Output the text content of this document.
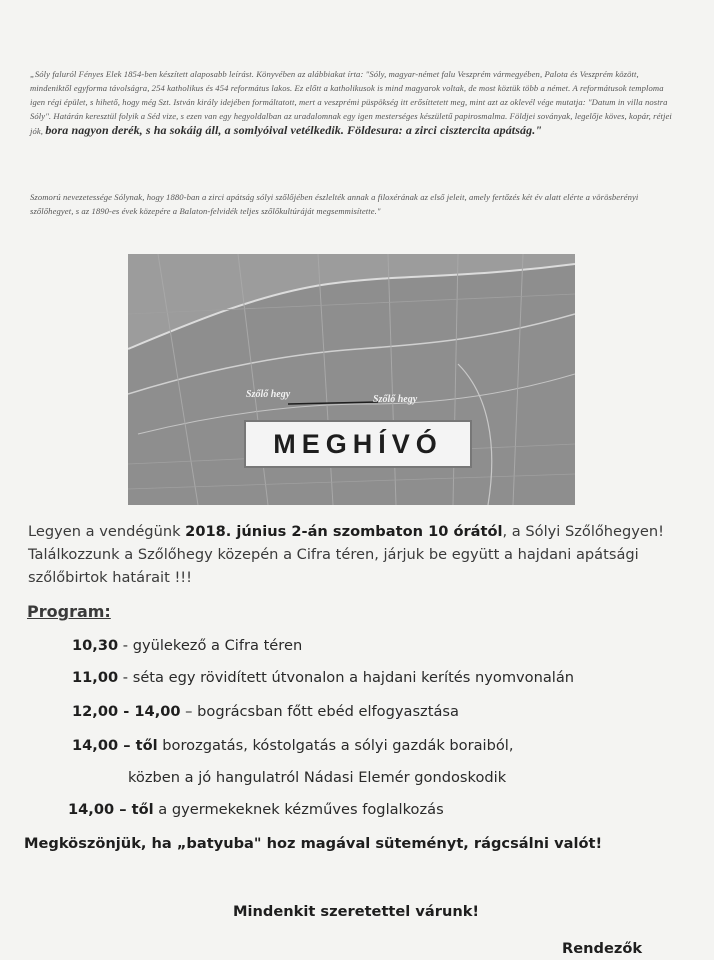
„Sóly faluról Fényes Elek 1854-ben készített alaposabb leírást. Könyvében az alábbiakat írta: "Sóly, magyar-német falu Veszprém vármegyében, Palota és Veszprém között, mindeniktől egyforma távolságra, 254 katholikus és 454 református lakos. Ez előtt a katholikusok is mind magyarok voltak, de most köztük több a német. A reformátusok temploma igen régi épület, s hihető, hogy még Szt. István király idejében formáltatott, mert a veszprémi püspökség itt erősíttetett meg, mint azt az oklevél vége mutatja: "Datum in villa nostra Sóly". Határán keresztül folyik a Séd vize, s ezen van egy hegyoldalban az uradalomnak egy igen mesterséges készületű papirosmalma. Földjei soványak, legelője köves, kopár, rétjei jók, bora nagyon derék, s ha sokáig áll, a somlyóival vetélkedik. Földesura: a zirci cisztercita apátság."
Szomorú nevezetessége Sólynak, hogy 1880-ban a zirci apátság sólyi szőlőjében észlelték annak a filoxérának az első jeleit, amely fertőzés két év alatt elérte a vörösberényi szőlőhegyet, s az 1890-es évek közepére a Balaton-felvidék teljes szőlőkultúráját megsemmisítette."
Szőlő hegy	Szőlő hegy
MEGHÍVÓ
Legyen a vendégünk 2018. június 2-án szombaton 10 órától, a Sólyi Szőlőhegyen! Találkozzunk a Szőlőhegy közepén a Cifra téren, járjuk be együtt a hajdani apátsági szőlőbirtok határait !!!
Program:
10,30 - gyülekező a Cifra téren
11,00 - séta egy rövidített útvonalon a hajdani kerítés nyomvonalán
12,00 - 14,00 – bográcsban főtt ebéd elfogyasztása
14,00 – től borozgatás, kóstolgatás a sólyi gazdák boraiból,
közben a jó hangulatról Nádasi Elemér gondoskodik
14,00 – től a gyermekeknek kézműves foglalkozás
Megköszönjük, ha „batyuba" hoz magával süteményt, rágcsálni valót!
Mindenkit szeretettel várunk!
Rendezők
